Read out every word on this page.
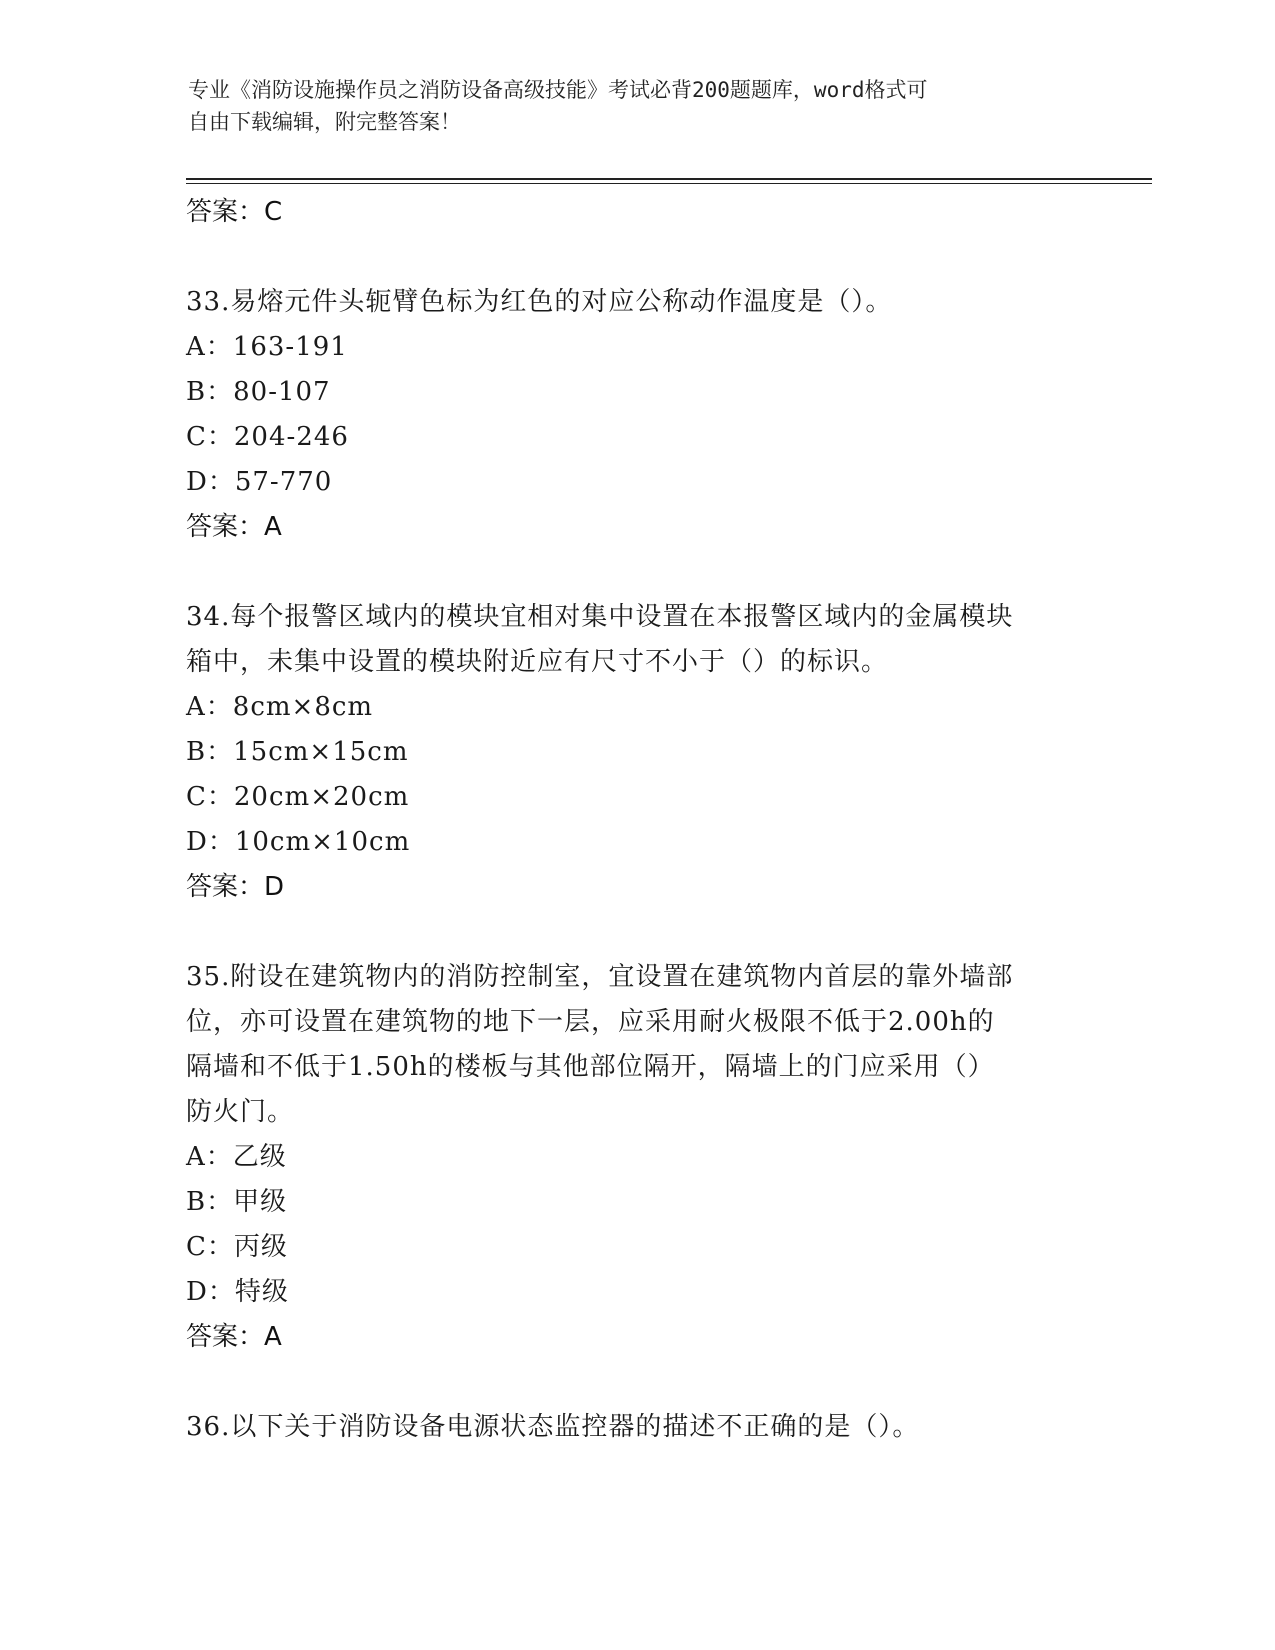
专业《消防设施操作员之消防设备高级技能》考试必背200题题库，word格式可
自由下载编辑，附完整答案！
答案：C
33.易熔元件头轭臂色标为红色的对应公称动作温度是（）。
A：163-191
B：80-107
C：204-246
D：57-770
答案：A
34.每个报警区域内的模块宜相对集中设置在本报警区域内的金属模块
箱中，未集中设置的模块附近应有尺寸不小于（）的标识。
A：8cm×8cm
B：15cm×15cm
C：20cm×20cm
D：10cm×10cm
答案：D
35.附设在建筑物内的消防控制室，宜设置在建筑物内首层的靠外墙部
位，亦可设置在建筑物的地下一层，应采用耐火极限不低于2.00h的
隔墙和不低于1.50h的楼板与其他部位隔开，隔墙上的门应采用（）
防火门。
A：乙级
B：甲级
C：丙级
D：特级
答案：A
36.以下关于消防设备电源状态监控器的描述不正确的是（）。
